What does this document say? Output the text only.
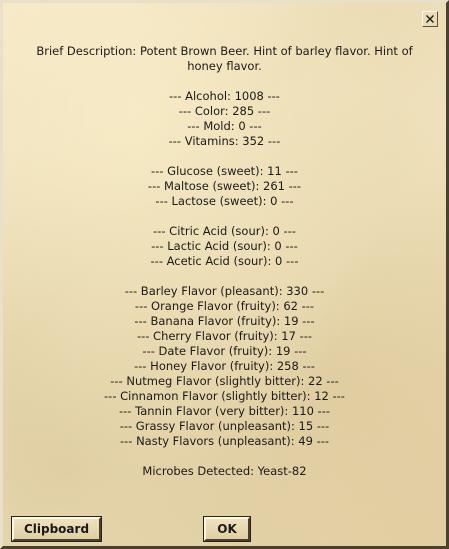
Brief Description: Potent Brown Beer. Hint of barley flavor. Hint of honey flavor.
--- Alcohol: 1008 ---
--- Color: 285 ---
--- Mold: 0 ---
--- Vitamins: 352 ---
--- Glucose (sweet): 11 ---
--- Maltose (sweet): 261 ---
--- Lactose (sweet): 0 ---
--- Citric Acid (sour): 0 ---
--- Lactic Acid (sour): 0 ---
--- Acetic Acid (sour): 0 ---
--- Barley Flavor (pleasant): 330 ---
--- Orange Flavor (fruity): 62 ---
--- Banana Flavor (fruity): 19 ---
--- Cherry Flavor (fruity): 17 ---
--- Date Flavor (fruity): 19 ---
--- Honey Flavor (fruity): 258 ---
--- Nutmeg Flavor (slightly bitter): 22 ---
--- Cinnamon Flavor (slightly bitter): 12 ---
--- Tannin Flavor (very bitter): 110 ---
--- Grassy Flavor (unpleasant): 15 ---
--- Nasty Flavors (unpleasant): 49 ---
Microbes Detected: Yeast-82
Clipboard	OK
